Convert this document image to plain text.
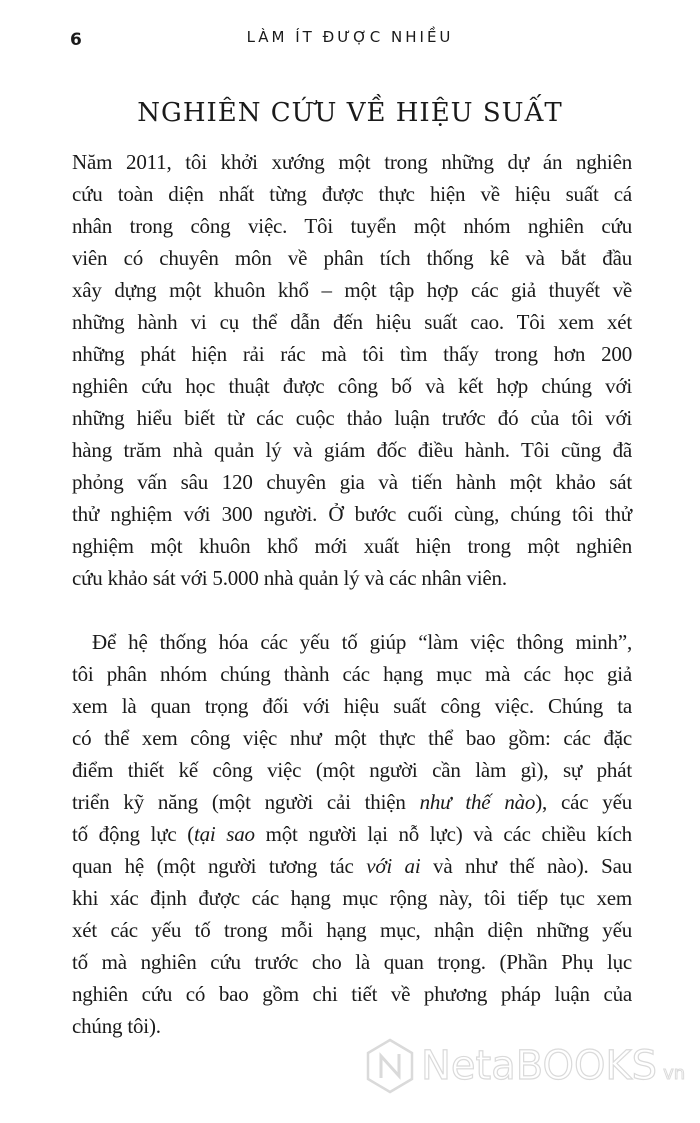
6	LÀM ÍT ĐƯỢC NHIỀU
NGHIÊN CỨU VỀ HIỆU SUẤT
Năm 2011, tôi khởi xướng một trong những dự án nghiên
cứu toàn diện nhất từng được thực hiện về hiệu suất cá
nhân trong công việc. Tôi tuyển một nhóm nghiên cứu
viên có chuyên môn về phân tích thống kê và bắt đầu
xây dựng một khuôn khổ – một tập hợp các giả thuyết về
những hành vi cụ thể dẫn đến hiệu suất cao. Tôi xem xét
những phát hiện rải rác mà tôi tìm thấy trong hơn 200
nghiên cứu học thuật được công bố và kết hợp chúng với
những hiểu biết từ các cuộc thảo luận trước đó của tôi với
hàng trăm nhà quản lý và giám đốc điều hành. Tôi cũng đã
phỏng vấn sâu 120 chuyên gia và tiến hành một khảo sát
thử nghiệm với 300 người. Ở bước cuối cùng, chúng tôi thử
nghiệm một khuôn khổ mới xuất hiện trong một nghiên
cứu khảo sát với 5.000 nhà quản lý và các nhân viên.
Để hệ thống hóa các yếu tố giúp “làm việc thông minh”,
tôi phân nhóm chúng thành các hạng mục mà các học giả
xem là quan trọng đối với hiệu suất công việc. Chúng ta
có thể xem công việc như một thực thể bao gồm: các đặc
điểm thiết kế công việc (một người cần làm gì), sự phát
triển kỹ năng (một người cải thiện như thế nào), các yếu
tố động lực (tại sao một người lại nỗ lực) và các chiều kích
quan hệ (một người tương tác với ai và như thế nào). Sau
khi xác định được các hạng mục rộng này, tôi tiếp tục xem
xét các yếu tố trong mỗi hạng mục, nhận diện những yếu
tố mà nghiên cứu trước cho là quan trọng. (Phần Phụ lục
nghiên cứu có bao gồm chi tiết về phương pháp luận của
chúng tôi).
NetaBOOKS vn
